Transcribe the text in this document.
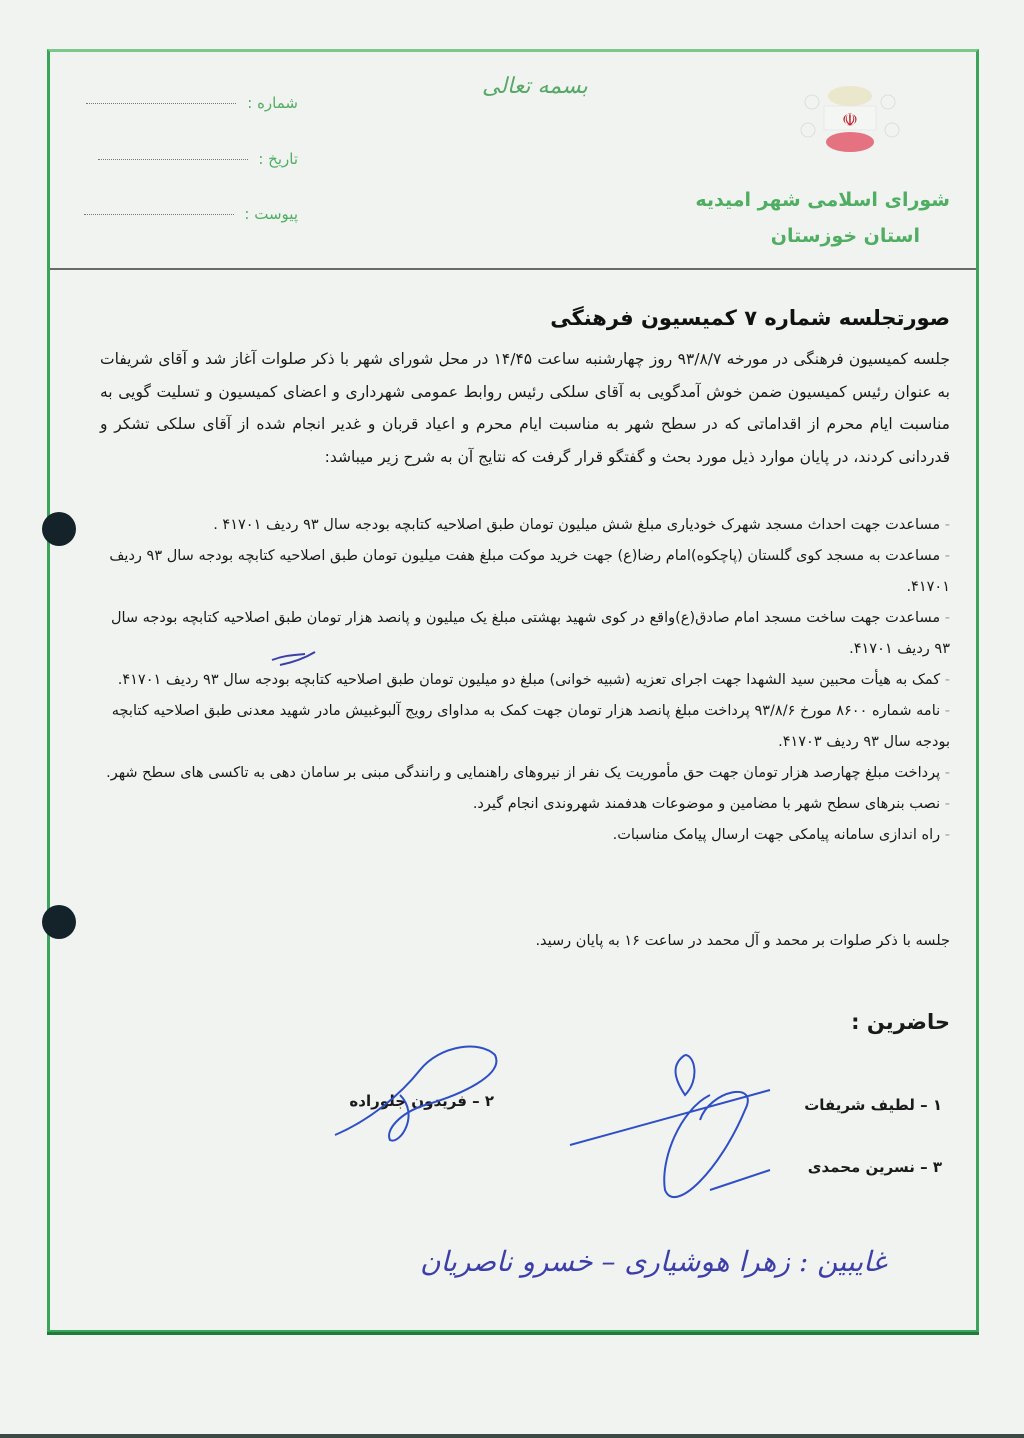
☫
بسمه تعالی
شورای اسلامی شهر امیدیه
استان خوزستان
شماره :
تاریخ :
پیوست :
صورتجلسه شماره ۷ کمیسیون فرهنگی
جلسه کمیسیون فرهنگی در مورخه ۹۳/۸/۷ روز چهارشنبه ساعت ۱۴/۴۵ در محل شورای شهر با ذکر صلوات آغاز شد و آقای شریفات به عنوان رئیس کمیسیون ضمن خوش آمدگویی به آقای سلکی رئیس روابط عمومی شهرداری و اعضای کمیسیون و تسلیت گویی به مناسبت ایام محرم از اقداماتی که در سطح شهر به مناسبت ایام محرم و اعیاد قربان و غدیر انجام شده از آقای سلکی تشکر و قدردانی کردند، در پایان موارد ذیل مورد بحث و گفتگو قرار گرفت که نتایج آن به شرح زیر میباشد:
- مساعدت جهت احداث مسجد شهرک خودیاری مبلغ شش میلیون تومان طبق اصلاحیه کتابچه بودجه سال ۹۳ ردیف ۴۱۷۰۱ .
- مساعدت به مسجد کوی گلستان (پاچکوه)امام رضا(ع) جهت خرید موکت مبلغ هفت میلیون تومان طبق اصلاحیه کتابچه بودجه سال ۹۳ ردیف ۴۱۷۰۱.
- مساعدت جهت ساخت مسجد امام صادق(ع)واقع در کوی شهید بهشتی مبلغ یک میلیون و پانصد هزار تومان طبق اصلاحیه کتابچه بودجه سال ۹۳ ردیف ۴۱۷۰۱.
- کمک به هیأت محبین سید الشهدا جهت اجرای تعزیه (شبیه خوانی) مبلغ دو میلیون تومان طبق اصلاحیه کتابچه بودجه سال ۹۳ ردیف ۴۱۷۰۱.
- نامه شماره ۸۶۰۰ مورخ ۹۳/۸/۶ پرداخت مبلغ پانصد هزار تومان جهت کمک به مداوای رویج آلبوغبیش مادر شهید معدنی طبق اصلاحیه کتابچه بودجه سال ۹۳ ردیف ۴۱۷۰۳.
- پرداخت مبلغ چهارصد هزار تومان جهت حق مأموریت یک نفر از نیروهای راهنمایی و رانندگی مبنی بر سامان دهی به تاکسی های سطح شهر.
- نصب بنرهای سطح شهر با مضامین و موضوعات هدفمند شهروندی انجام گیرد.
- راه اندازی سامانه پیامکی جهت ارسال پیامک مناسبات.
جلسه با ذکر صلوات بر محمد و آل محمد در ساعت ۱۶ به پایان رسید.
حاضرین :
۱ – لطیف شریفات
۲ – فریدون جلوراده
۳ – نسرین محمدی
غایبین : زهرا هوشیاری – خسرو ناصریان
